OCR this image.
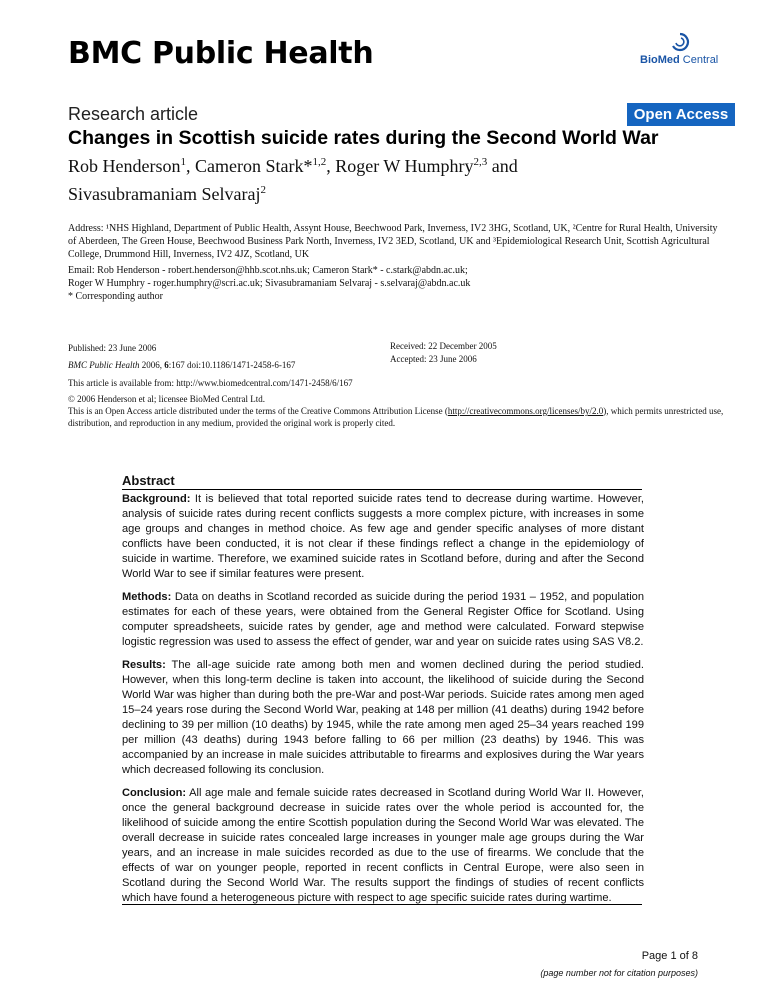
BMC Public Health	BioMed Central
Research article	Open Access
Changes in Scottish suicide rates during the Second World War
Rob Henderson$^1$, Cameron Stark*$^{1,2}$, Roger W Humphry$^{2,3}$ and
Sivasubramaniam Selvaraj$^2$
Address: ¹NHS Highland, Department of Public Health, Assynt House, Beechwood Park, Inverness, IV2 3HG, Scotland, UK, ²Centre for Rural Health, University of Aberdeen, The Green House, Beechwood Business Park North, Inverness, IV2 3ED, Scotland, UK and ³Epidemiological Research Unit, Scottish Agricultural College, Drummond Hill, Inverness, IV2 4JZ, Scotland, UK
Email: Rob Henderson - robert.henderson@hhb.scot.nhs.uk; Cameron Stark* - c.stark@abdn.ac.uk;
Roger W Humphry - roger.humphry@scri.ac.uk; Sivasubramaniam Selvaraj - s.selvaraj@abdn.ac.uk
* Corresponding author
Published: 23 June 2006
BMC Public Health 2006, 6:167 doi:10.1186/1471-2458-6-167
Received: 22 December 2005
Accepted: 23 June 2006
This article is available from: http://www.biomedcentral.com/1471-2458/6/167
© 2006 Henderson et al; licensee BioMed Central Ltd.
This is an Open Access article distributed under the terms of the Creative Commons Attribution License (http://creativecommons.org/licenses/by/2.0), which permits unrestricted use, distribution, and reproduction in any medium, provided the original work is properly cited.
Abstract

Background: It is believed that total reported suicide rates tend to decrease during wartime. However, analysis of suicide rates during recent conflicts suggests a more complex picture, with increases in some age groups and changes in method choice. As few age and gender specific analyses of more distant conflicts have been conducted, it is not clear if these findings reflect a change in the epidemiology of suicide in wartime. Therefore, we examined suicide rates in Scotland before, during and after the Second World War to see if similar features were present.

Methods: Data on deaths in Scotland recorded as suicide during the period 1931 – 1952, and population estimates for each of these years, were obtained from the General Register Office for Scotland. Using computer spreadsheets, suicide rates by gender, age and method were calculated. Forward stepwise logistic regression was used to assess the effect of gender, war and year on suicide rates using SAS V8.2.

Results: The all-age suicide rate among both men and women declined during the period studied. However, when this long-term decline is taken into account, the likelihood of suicide during the Second World War was higher than during both the pre-War and post-War periods. Suicide rates among men aged 15–24 years rose during the Second World War, peaking at 148 per million (41 deaths) during 1942 before declining to 39 per million (10 deaths) by 1945, while the rate among men aged 25–34 years reached 199 per million (43 deaths) during 1943 before falling to 66 per million (23 deaths) by 1946. This was accompanied by an increase in male suicides attributable to firearms and explosives during the War years which decreased following its conclusion.

Conclusion: All age male and female suicide rates decreased in Scotland during World War II. However, once the general background decrease in suicide rates over the whole period is accounted for, the likelihood of suicide among the entire Scottish population during the Second World War was elevated. The overall decrease in suicide rates concealed large increases in younger male age groups during the War years, and an increase in male suicides recorded as due to the use of firearms. We conclude that the effects of war on younger people, reported in recent conflicts in Central Europe, were also seen in Scotland during the Second World War. The results support the findings of studies of recent conflicts which have found a heterogeneous picture with respect to age specific suicide rates during wartime.

Page 1 of 8
(page number not for citation purposes)
